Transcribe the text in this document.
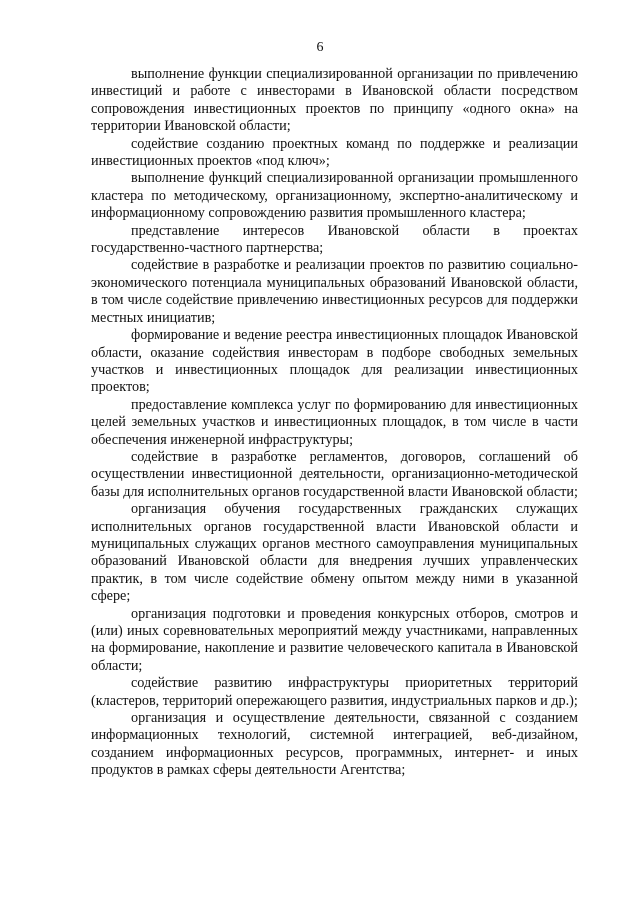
6

выполнение функции специализированной организации по привлечению инвестиций и работе с инвесторами в Ивановской области посредством сопровождения инвестиционных проектов по принципу «одного окна» на территории Ивановской области;

содействие созданию проектных команд по поддержке и реализации инвестиционных проектов «под ключ»;

выполнение функций специализированной организации промышленного кластера по методическому, организационному, экспертно-аналитическому и информационному сопровождению развития промышленного кластера;

представление интересов Ивановской области в проектах государственно-частного партнерства;

содействие в разработке и реализации проектов по развитию социально-экономического потенциала муниципальных образований Ивановской области, в том числе содействие привлечению инвестиционных ресурсов для поддержки местных инициатив;

формирование и ведение реестра инвестиционных площадок Ивановской области, оказание содействия инвесторам в подборе свободных земельных участков и инвестиционных площадок для реализации инвестиционных проектов;

предоставление комплекса услуг по формированию для инвестиционных целей земельных участков и инвестиционных площадок, в том числе в части обеспечения инженерной инфраструктуры;

содействие в разработке регламентов, договоров, соглашений об осуществлении инвестиционной деятельности, организационно-методической базы для исполнительных органов государственной власти Ивановской области;

организация обучения государственных гражданских служащих исполнительных органов государственной власти Ивановской области и муниципальных служащих органов местного самоуправления муниципальных образований Ивановской области для внедрения лучших управленческих практик, в том числе содействие обмену опытом между ними в указанной сфере;

организация подготовки и проведения конкурсных отборов, смотров и (или) иных соревновательных мероприятий между участниками, направленных на формирование, накопление и развитие человеческого капитала в Ивановской области;

содействие развитию инфраструктуры приоритетных территорий (кластеров, территорий опережающего развития, индустриальных парков и др.);

организация и осуществление деятельности, связанной с созданием информационных технологий, системной интеграцией, веб-дизайном, созданием информационных ресурсов, программных, интернет- и иных продуктов в рамках сферы деятельности Агентства;
